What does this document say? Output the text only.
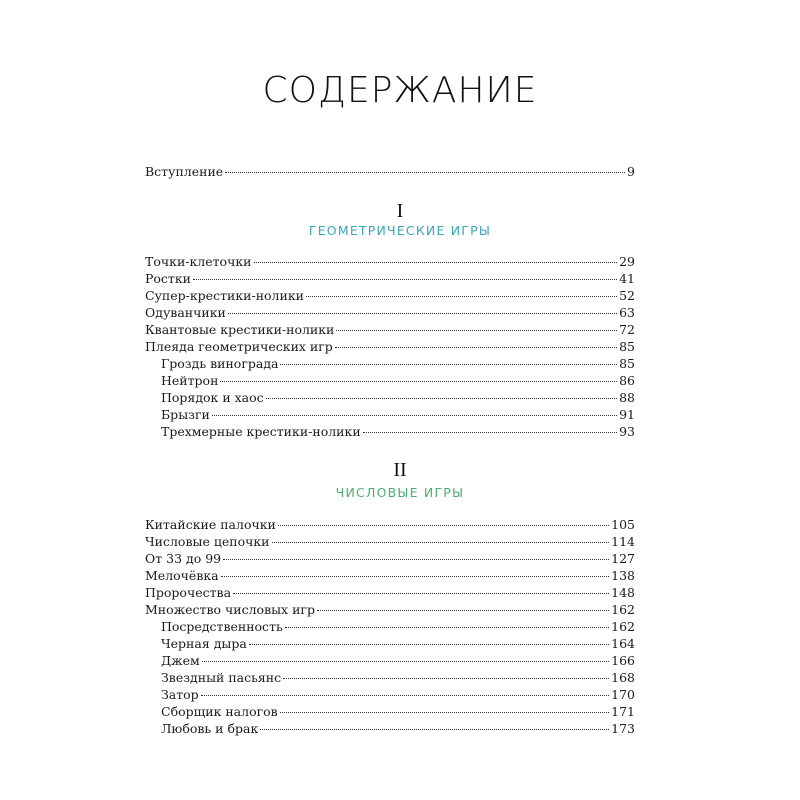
СОДЕРЖАНИЕ
Вступление	9
I
ГЕОМЕТРИЧЕСКИЕ ИГРЫ
Точки-клеточки	29
Ростки	41
Супер-крестики-нолики	52
Одуванчики	63
Квантовые крестики-нолики	72
Плеяда геометрических игр	85
Гроздь винограда	85
Нейтрон	86
Порядок и хаос	88
Брызги	91
Трехмерные крестики-нолики	93
II
ЧИСЛОВЫЕ ИГРЫ
Китайские палочки	105
Числовые цепочки	114
От 33 до 99	127
Мелочёвка	138
Пророчества	148
Множество числовых игр	162
Посредственность	162
Черная дыра	164
Джем	166
Звездный пасьянс	168
Затор	170
Сборщик налогов	171
Любовь и брак	173
